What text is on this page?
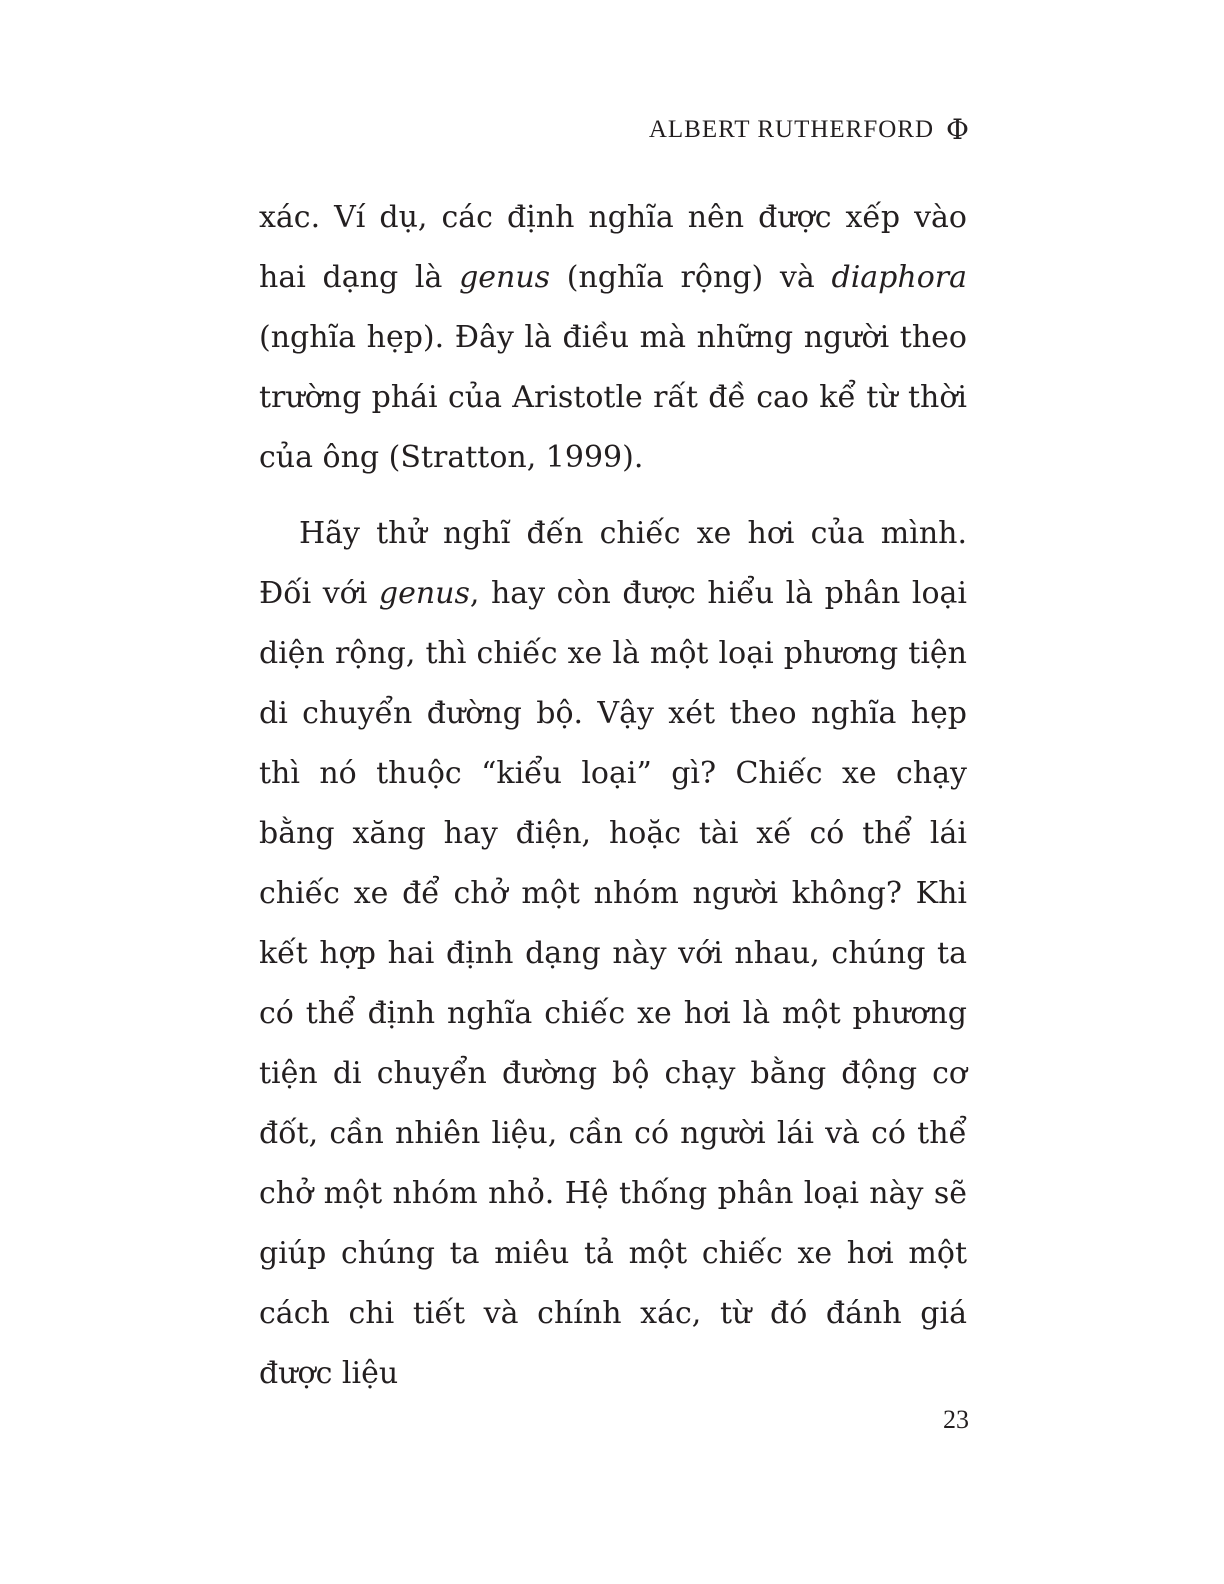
ALBERT RUTHERFORD Φ

xác. Ví dụ, các định nghĩa nên được xếp vào hai dạng là genus (nghĩa rộng) và diaphora (nghĩa hẹp). Đây là điều mà những người theo trường phái của Aristotle rất đề cao kể từ thời của ông (Stratton, 1999).

Hãy thử nghĩ đến chiếc xe hơi của mình. Đối với genus, hay còn được hiểu là phân loại diện rộng, thì chiếc xe là một loại phương tiện di chuyển đường bộ. Vậy xét theo nghĩa hẹp thì nó thuộc “kiểu loại” gì? Chiếc xe chạy bằng xăng hay điện, hoặc tài xế có thể lái chiếc xe để chở một nhóm người không? Khi kết hợp hai định dạng này với nhau, chúng ta có thể định nghĩa chiếc xe hơi là một phương tiện di chuyển đường bộ chạy bằng động cơ đốt, cần nhiên liệu, cần có người lái và có thể chở một nhóm nhỏ. Hệ thống phân loại này sẽ giúp chúng ta miêu tả một chiếc xe hơi một cách chi tiết và chính xác, từ đó đánh giá được liệu

23
